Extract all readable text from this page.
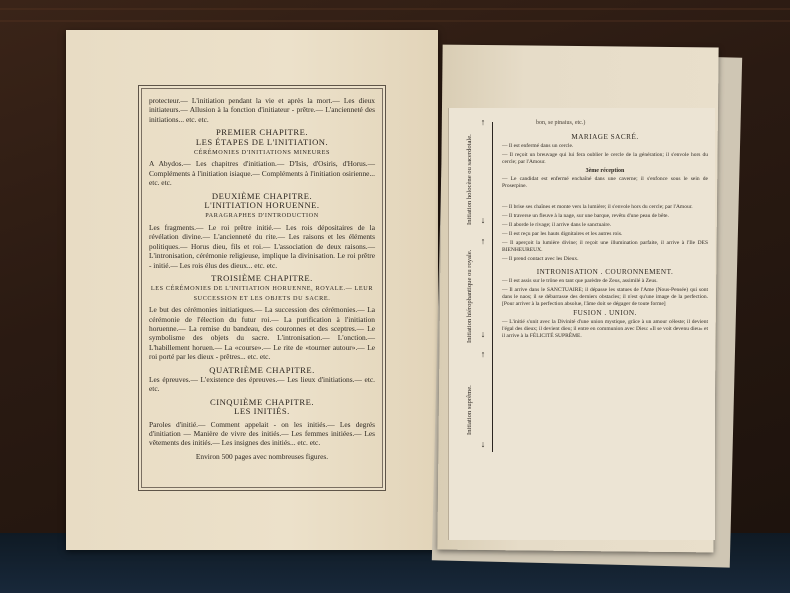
protecteur.— L'initiation pendant la vie et après la mort.— Les dieux initiateurs.— Allusion à la fonction d'initiateur - prêtre.— L'ancienneté des initiations... etc. etc.

PREMIER CHAPITRE.
LES ÉTAPES DE L'INITIATION.
CÉRÉMONIES D'INITIATIONS MINEURES

A Abydos.— Les chapitres d'initiation.— D'Isis, d'Osiris, d'Horus.— Compléments à l'initiation isiaque.— Compléments à l'initiation osirienne... etc. etc.

DEUXIÈME CHAPITRE.
L'INITIATION HORUENNE.
PARAGRAPHES D'INTRODUCTION

Les fragments.— Le roi prêtre initié.— Les rois dépositaires de la révélation divine.— L'ancienneté du rite.— Les raisons et les éléments politiques.— Horus dieu, fils et roi.— L'association de deux raisons.— L'intronisation, cérémonie religieuse, implique la divinisation. Le roi prêtre - initié.— Les rois élus des dieux... etc. etc.

TROISIÈME CHAPITRE.
LES CÉRÉMONIES DE L'INITIATION HORUENNE, ROYALE.— LEUR SUCCESSION ET LES OBJETS DU SACRE.

Le but des cérémonies initiatiques.— La succession des cérémonies.— La cérémonie de l'élection du futur roi.— La purification à l'initiation horuenne.— La remise du bandeau, des couronnes et des sceptres.— Le symbolisme des objets du sacre. L'intronisation.— L'onction.— L'habillement horuen.— La «course».— Le rite de «tourner autour».— Le roi porté par les dieux - prêtres... etc. etc.

QUATRIÈME CHAPITRE.

Les épreuves.— L'existence des épreuves.— Les lieux d'initiations.— etc. etc.

CINQUIÈME CHAPITRE.
LES INITIÉS.

Paroles d'initié.— Comment appelait - on les initiés.— Les degrés d'initiation — Manière de vivre des initiés.— Les femmes initiées.— Les vêtements des initiés.— Les insignes des initiés... etc. etc.

Environ 500 pages avec nombreuses figures.
bon, se pinaius, etc.)
Initiation holocène ou sacerdotale.
Initiation hiérophantique ou royale.
Initiation suprême.
↑
↓
↑
↓
↑
↓
MARIAGE SACRÉ.

— Il est enfermé dans un cercle.

— Il reçoit un breuvage qui lui fera oublier le cercle de la génération; il s'envole hors du cercle; par l'Amour.

3ème réception

— Le candidat est enfermé enchaîné dans une caverne; il s'enfonce sous le sein de Proserpine.

— Il brise ses chaînes et monte vers la lumière; il s'envole hors du cercle; par l'Amour.

— Il traverse un fleuve à la nage, sur une barque, revêtu d'une peau de bête.

— Il aborde le rivage; il arrive dans le sanctuaire.

— Il est reçu par les hauts dignitaires et les autres rois.

— Il aperçoit la lumière divine; il reçoit une illumination parfaite, il arrive à l'Ile DES BIENHEUREUX.

— Il prend contact avec les Dieux.

INTRONISATION . COURONNEMENT.

— Il est assis sur le trône en tant que parèdre de Zeus, assimilé à Zeus.

— Il arrive dans le SANCTUAIRE; il dépasse les statues de l'Ame (Nous-Pensée) qui sont dans le naos; il se débarrasse des derniers obstacles; il n'est qu'une image de la perfection. [Pour arriver à la perfection absolue, l'âme doit se dégager de toute forme]

FUSION . UNION.

— L'initié s'unit avec la Divinité d'une union mystique, grâce à un amour céleste; il devient l'égal des dieux; il devient dieu; il entre en communion avec Dieu: «Il se voit devenu dieu» et il arrive à la FÉLICITÉ SUPRÊME.
